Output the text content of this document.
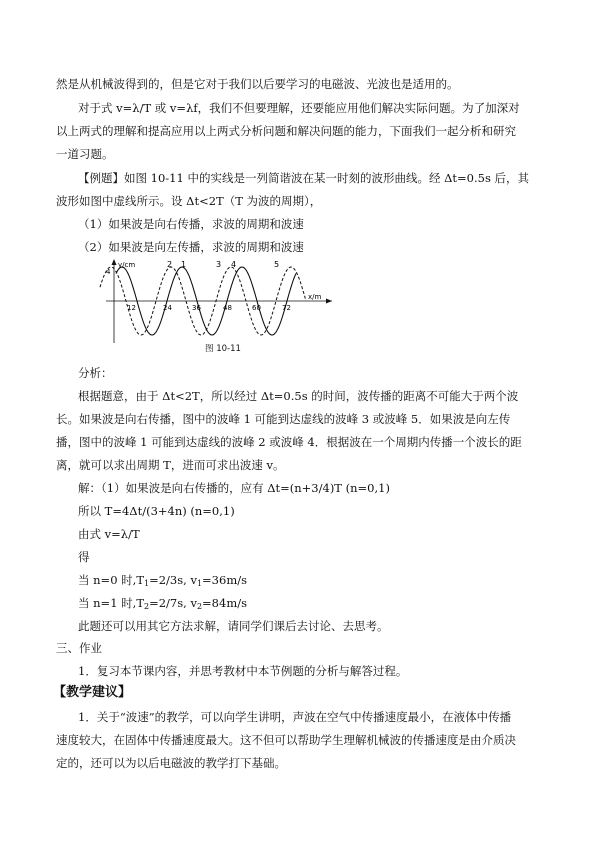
然是从机械波得到的，但是它对于我们以后要学习的电磁波、光波也是适用的。
对于式 v=λ/T 或 v=λf，我们不但要理解，还要能应用他们解决实际问题。为了加深对
以上两式的理解和提高应用以上两式分析问题和解决问题的能力，下面我们一起分析和研究
一道习题。
【例题】如图 10-11 中的实线是一列简谐波在某一时刻的波形曲线。经 Δt=0.5s 后，其
波形如图中虚线所示。设 Δt<2T（T 为波的周期），
（1）如果波是向右传播，求波的周期和波速
（2）如果波是向左传播，求波的周期和波速
y/cm
x/m
4
12	24	36	48	60	72
2 1	3 4	5
图 10-11
分析：
根据题意，由于 Δt<2T，所以经过 Δt=0.5s 的时间，波传播的距离不可能大于两个波
长。如果波是向右传播，图中的波峰 1 可能到达虚线的波峰 3 或波峰 5．如果波是向左传
播，图中的波峰 1 可能到达虚线的波峰 2 或波峰 4．根据波在一个周期内传播一个波长的距
离，就可以求出周期 T，进而可求出波速 v。
解：（1）如果波是向右传播的，应有 Δt=(n+3/4)T (n=0,1)
所以 T=4Δt/(3+4n) (n=0,1)
由式 v=λ/T
得
当 n=0 时$,T_1=2/3s$, $v_1=36m/s$
当 n=1 时$,T_2=2/7s$, $v_2=84m/s$
此题还可以用其它方法求解，请同学们课后去讨论、去思考。
三、作业
1．复习本节课内容，并思考教材中本节例题的分析与解答过程。
【教学建议】
1．关于“波速”的教学，可以向学生讲明，声波在空气中传播速度最小，在液体中传播
速度较大，在固体中传播速度最大。这不但可以帮助学生理解机械波的传播速度是由介质决
定的，还可以为以后电磁波的教学打下基础。
